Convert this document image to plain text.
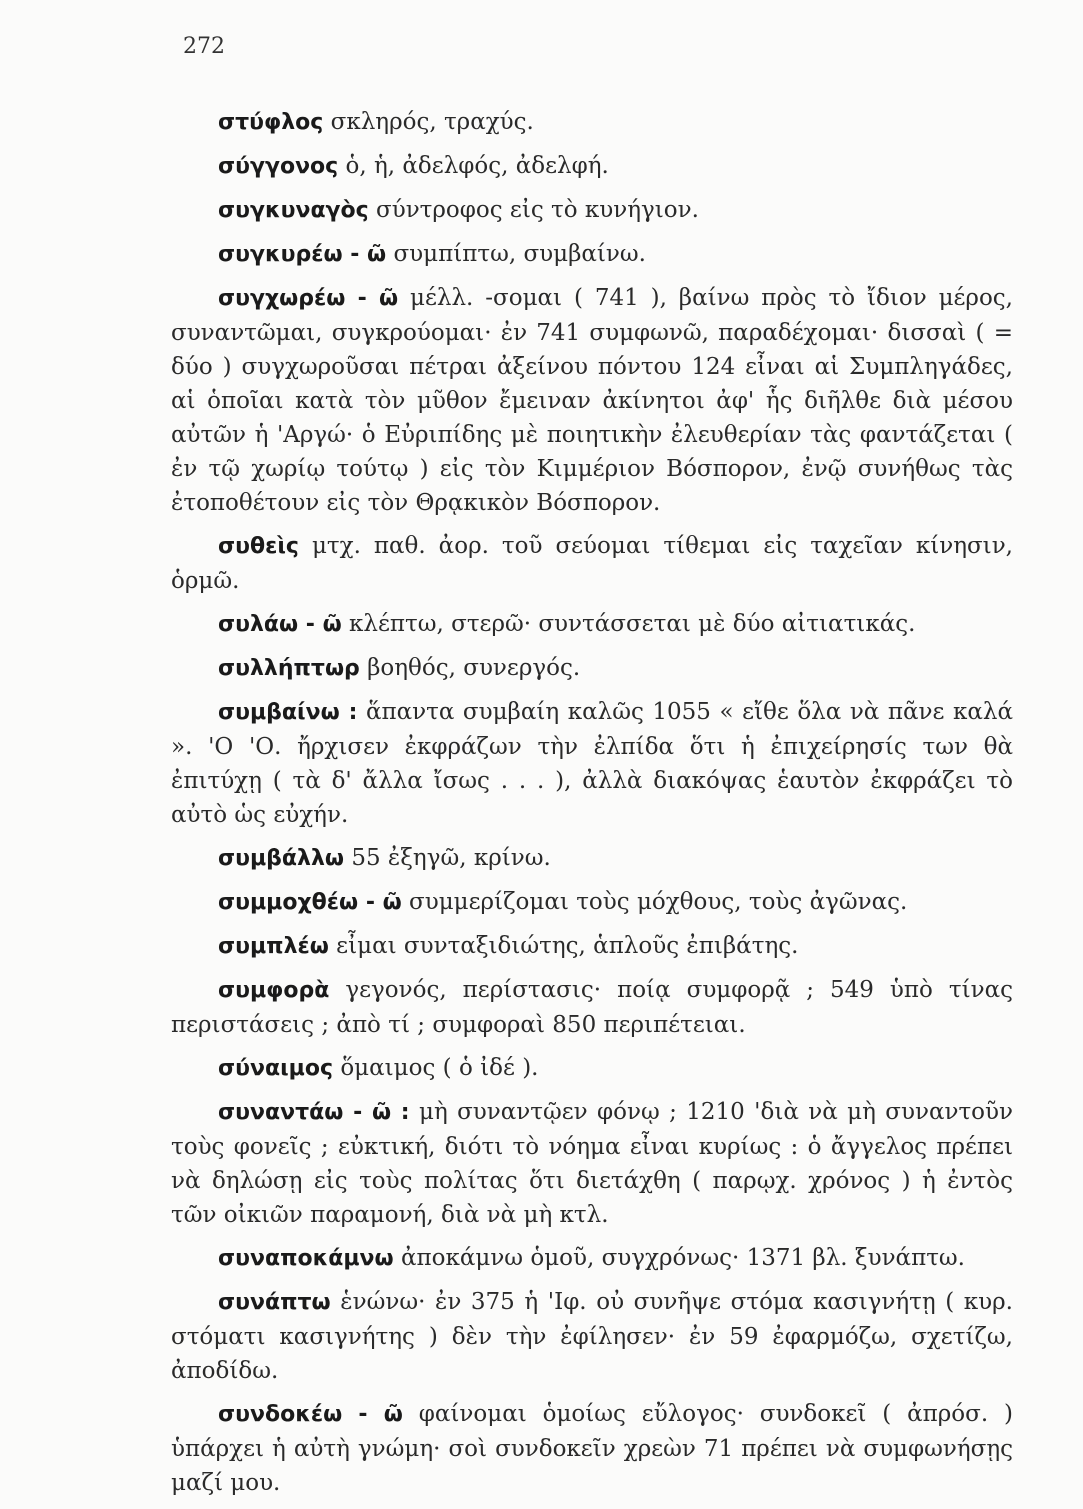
272

στύφλος σκληρός, τραχύς.

σύγγονος ὁ, ἡ, ἀδελφός, ἀδελφή.

συγκυναγὸς σύντροφος εἰς τὸ κυνήγιον.

συγκυρέω - ῶ συμπίπτω, συμβαίνω.

συγχωρέω - ῶ μέλλ. -σομαι ( 741 ), βαίνω πρὸς τὸ ἴδιον μέρος, συναντῶμαι, συγκρούομαι· ἐν 741 συμφωνῶ, παραδέχομαι· δισσαὶ ( = δύο ) συγχωροῦσαι πέτραι ἀξείνου πόντου 124 εἶναι αἱ Συμπληγάδες, αἱ ὁποῖαι κατὰ τὸν μῦθον ἔμειναν ἀκίνητοι ἀφ' ἧς διῆλθε διὰ μέσου αὐτῶν ἡ 'Αργώ· ὁ Εὐριπίδης μὲ ποιητικὴν ἐλευθερίαν τὰς φαντάζεται ( ἐν τῷ χωρίῳ τούτῳ ) εἰς τὸν Κιμμέριον Βόσπορον, ἐνῷ συνήθως τὰς ἐτοποθέτουν εἰς τὸν Θρᾳκικὸν Βόσπορον.

συθεὶς μτχ. παθ. ἀορ. τοῦ σεύομαι τίθεμαι εἰς ταχεῖαν κίνησιν, ὁρμῶ.

συλάω - ῶ κλέπτω, στερῶ· συντάσσεται μὲ δύο αἰτιατικάς.

συλλήπτωρ βοηθός, συνεργός.

συμβαίνω : ἅπαντα συμβαίη καλῶς 1055 « εἴθε ὅλα νὰ πᾶνε καλά ». 'Ο 'Ο. ἤρχισεν ἐκφράζων τὴν ἐλπίδα ὅτι ἡ ἐπιχείρησίς των θὰ ἐπιτύχῃ ( τὰ δ' ἄλλα ἴσως . . . ), ἀλλὰ διακόψας ἑαυτὸν ἐκφράζει τὸ αὐτὸ ὡς εὐχήν.

συμβάλλω 55 ἐξηγῶ, κρίνω.

συμμοχθέω - ῶ συμμερίζομαι τοὺς μόχθους, τοὺς ἀγῶνας.

συμπλέω εἶμαι συνταξιδιώτης, ἁπλοῦς ἐπιβάτης.

συμφορὰ γεγονός, περίστασις· ποίᾳ συμφορᾷ ; 549 ὑπὸ τίνας περιστάσεις ; ἀπὸ τί ; συμφοραὶ 850 περιπέτειαι.

σύναιμος ὅμαιμος ( ὁ ἰδέ ).

συναντάω - ῶ : μὴ συναντῷεν φόνῳ ; 1210 'διὰ νὰ μὴ συναντοῦν τοὺς φονεῖς ; εὐκτική, διότι τὸ νόημα εἶναι κυρίως : ὁ ἄγγελος πρέπει νὰ δηλώσῃ εἰς τοὺς πολίτας ὅτι διετάχθη ( παρῳχ. χρόνος ) ἡ ἐντὸς τῶν οἰκιῶν παραμονή, διὰ νὰ μὴ κτλ.

συναποκάμνω ἀποκάμνω ὁμοῦ, συγχρόνως· 1371 βλ. ξυνάπτω.

συνάπτω ἑνώνω· ἐν 375 ἡ 'Ιφ. οὐ συνῆψε στόμα κασιγνήτῃ ( κυρ. στόματι κασιγνήτης ) δὲν τὴν ἐφίλησεν· ἐν 59 ἐφαρμόζω, σχετίζω, ἀποδίδω.

συνδοκέω - ῶ φαίνομαι ὁμοίως εὔλογος· συνδοκεῖ ( ἀπρόσ. ) ὑπάρχει ἡ αὐτὴ γνώμη· σοὶ συνδοκεῖν χρεὼν 71 πρέπει νὰ συμφωνήσῃς μαζί μου.
